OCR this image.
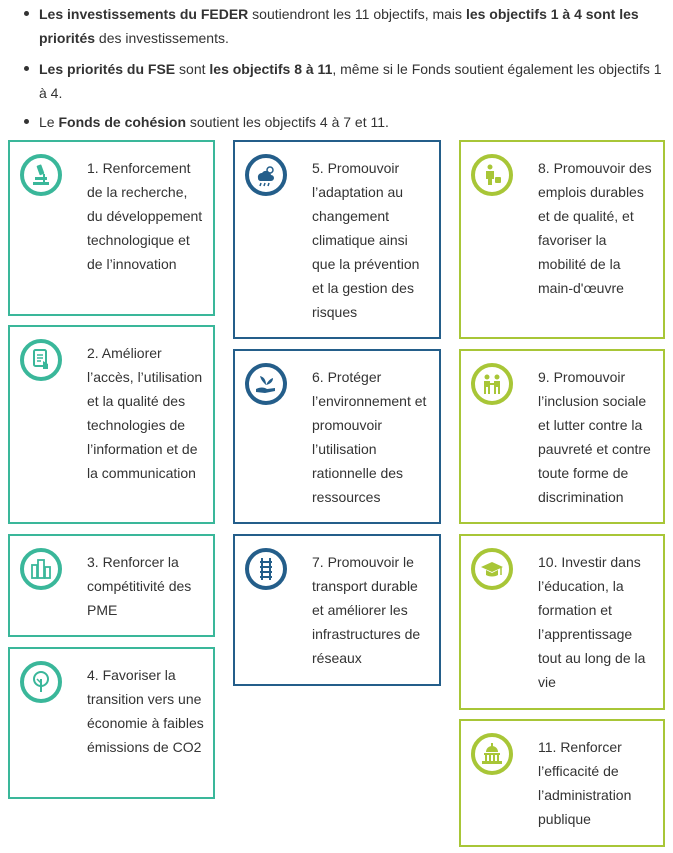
Les investissements du FEDER soutiendront les 11 objectifs, mais les objectifs 1 à 4 sont les priorités des investissements.
Les priorités du FSE sont les objectifs 8 à 11, même si le Fonds soutient également les objectifs 1 à 4.
Le Fonds de cohésion soutient les objectifs 4 à 7 et 11.
1. Renforcement de la recherche, du développement technologique et de l’innovation
2. Améliorer l’accès, l’utilisation et la qualité des technologies de l’information et de la communication
3. Renforcer la compétitivité des PME
4. Favoriser la transition vers une économie à faibles émissions de CO2
5. Promouvoir l’adaptation au changement climatique ainsi que la prévention et la gestion des risques
6. Protéger l’environnement et promouvoir l’utilisation rationnelle des ressources
7. Promouvoir le transport durable et améliorer les infrastructures de réseaux
8. Promouvoir des emplois durables et de qualité, et favoriser la mobilité de la main-d'œuvre
9. Promouvoir l’inclusion sociale et lutter contre la pauvreté et contre toute forme de discrimination
10. Investir dans l’éducation, la formation et l’apprentissage tout au long de la vie
11. Renforcer l’efficacité de l’administration publique
